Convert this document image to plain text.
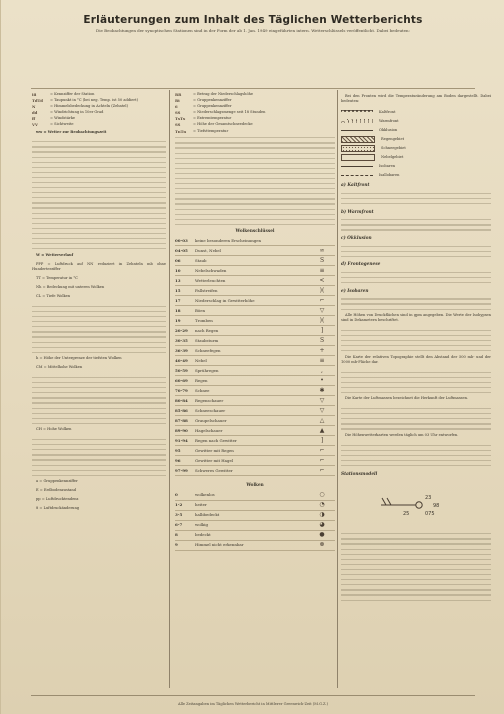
Erläuterungen zum Inhalt des Täglichen Wetterberichts
Die Beobachtungen der synoptischen Stationen sind in der Form der ab 1. Jan. 1949 eingeführten intern. Wetterschlüssels veröffentlicht. Dabei bedeuten:
iii	= Kennziffer der Station
TdTd	= Taupunkt in °C (bei neg. Temp. ist 50 addiert)
N	= Himmelsbedeckung in Achteln (Zehntel)
dd	= Windrichtung in 10er Grad
ff	= Windstärke
VV	= Sichtweite
ww = Wetter zur Beobachtungszeit
W = Wetterverlauf
PPP = Luftdruck auf NN reduziert in Zehnteln mb ohne Hunderterziffer
TT = Temperatur in °C
Nh = Bedeckung mit unteren Wolken
CL = Tiefe Wolken
h = Höhe der Untergrenze der tiefsten Wolken
CM = Mittelhohe Wolken
CH = Hohe Wolken
a = Gruppenkennziffer
E = Erdbodenzustand
pp = Luftdrucktendenz
8 = Luftdruckänderung
RR	= Betrag der Niederschlagshöhe
Rt	= Gruppenkennziffer
6	= Gruppenkennziffer
SS	= Niederschlagsmenge seit 18 Stunden
TxTx	= Extremtemperatur
SS	= Höhe der Gesamtschneedecke
TnTn	= Tiefsttemperatur
Wolkenschlüssel
00-03	keine besonderen Erscheinungen
04-05	Dunst, Nebel	∞
06	Staub	S
10	Nebelschwaden	≡
13	Wetterleuchten	<
15	Fallstreifen	)(
17	Niederschlag in Gewitterhöhe	⌐
18	Böen	▽
19	Tromben	)(
20-29	nach Regen	]
30-35	Staubsturm	S
36-39	Schneefegen	+
40-49	Nebel	≡
50-59	Sprühregen	,
60-69	Regen	•
70-79	Schnee	✱
80-84	Regenschauer	▽
85-86	Schneeschauer	▽
87-88	Graupelschauer	△
89-90	Hagelschauer	▲
91-94	Regen nach Gewitter	]
95	Gewitter mit Regen	⌐
96	Gewitter mit Hagel	⌐
97-99	Schweres Gewitter	⌐
Wolken
0	wolkenlos	○
1-2	heiter	◔
3-5	halbbedeckt	◑
6-7	wolkig	◕
8	bedeckt	●
9	Himmel nicht erkennbar	⊗
Bei den Fronten wird die Temperaturänderung am Boden dargestellt. Dabei bedeuten:
Kaltfront
Warmfront
Okklusion
Regengebiet
Schneegebiet
Nebelgebiet
Isobaren
Isallobaren
a) Kaltfront
b) Warmfront
c) Okklusion
d) Frontogenese
e) Isobaren
Alle Höhen von Druckflächen sind in gpm angegeben. Die Werte der Isohypsen sind in Dekametern beschriftet.
Die Karte der relativen Topographie stellt den Abstand der 500 mb- und der 1000 mb-Fläche dar.
Die Karte der Luftmassen bezeichnet die Herkunft der Luftmassen.
Die Höhenwetterkarten werden täglich um 03 Uhr entworfen.
Stationsmodell
23
98
075
25
Alle Zeitangaben im Täglichen Wetterbericht in Mittlerer Greenwich-Zeit (M.G.Z.)
